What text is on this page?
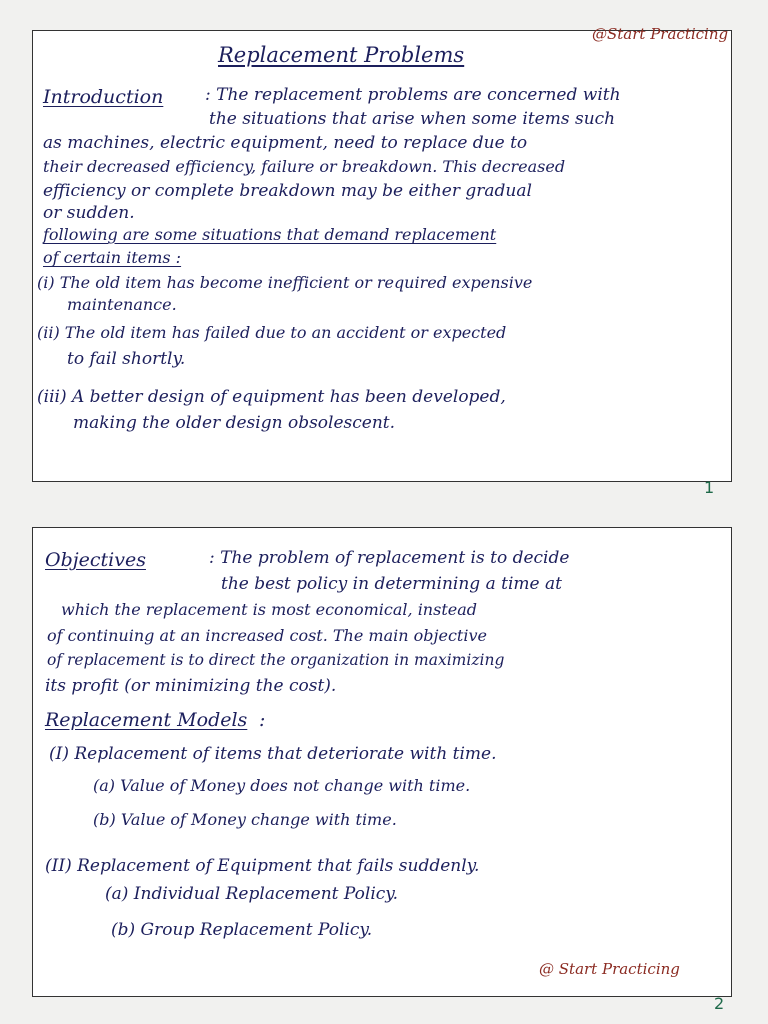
@Start Practicing
Replacement Problems
Introduction : The replacement problems are concerned with
the situations that arise when some items such
as machines, electric equipment, need to replace due to
their decreased efficiency, failure or breakdown. This decreased
efficiency or complete breakdown may be either gradual
or sudden.
following are some situations that demand replacement
of certain items :
(i) The old item has become inefficient or required expensive
maintenance.
(ii) The old item has failed due to an accident or expected
to fail shortly.
(iii) A better design of equipment has been developed,
making the older design obsolescent.
1
Objectives	: The problem of replacement is to decide
the best policy in determining a time at
which the replacement is most economical, instead
of continuing at an increased cost. The main objective
of replacement is to direct the organization in maximizing
its profit (or minimizing the cost).
Replacement Models :
(I) Replacement of items that deteriorate with time.
(a) Value of Money does not change with time.
(b) Value of Money change with time.
(II) Replacement of Equipment that fails suddenly.
(a) Individual Replacement Policy.
(b) Group Replacement Policy.
@ Start Practicing
2
